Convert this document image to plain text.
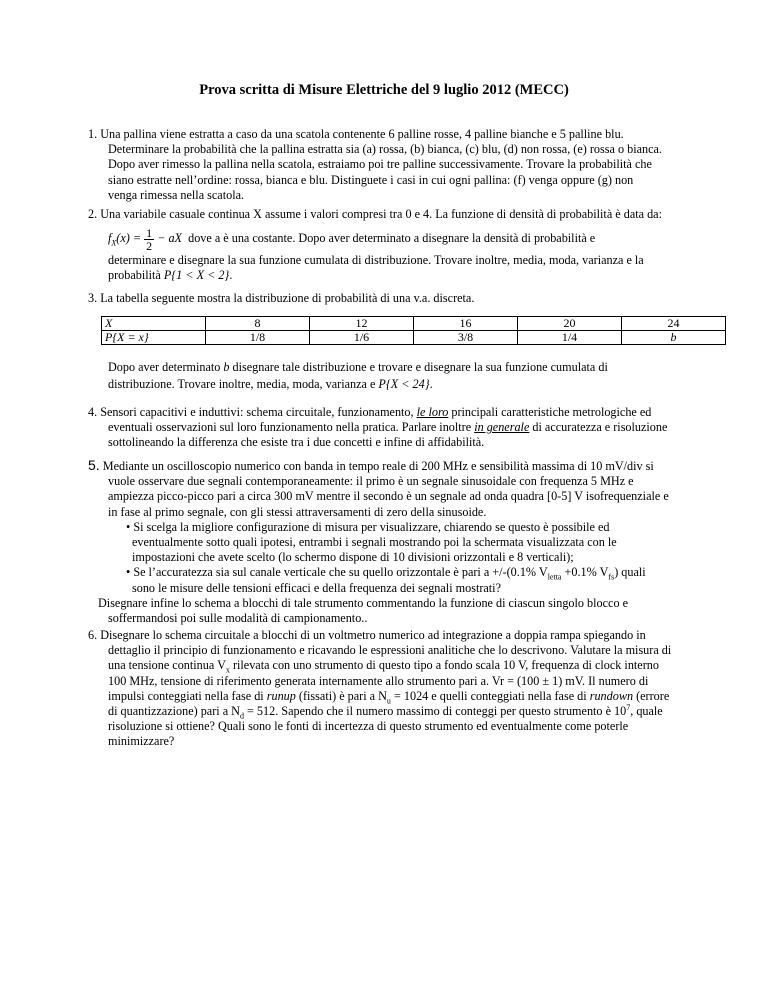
Prova scritta di Misure Elettriche del 9 luglio 2012 (MECC)
1. Una pallina viene estratta a caso da una scatola contenente 6 palline rosse, 4 palline bianche e 5 palline blu.
Determinare la probabilità che la pallina estratta sia (a) rossa, (b) bianca, (c) blu, (d) non rossa, (e) rossa o bianca.
Dopo aver rimesso la pallina nella scatola, estraiamo poi tre palline successivamente. Trovare la probabilità che
siano estratte nell’ordine: rossa, bianca e blu. Distinguete i casi in cui ogni pallina: (f) venga oppure (g) non
venga rimessa nella scatola.
2. Una variabile casuale continua X assume i valori compresi tra 0 e 4. La funzione di densità di probabilità è data da:
$f_X(x) = \frac{1}{2}$ − aX dove a è una costante. Dopo aver determinato a disegnare la densità di probabilità e
determinare e disegnare la sua funzione cumulata di distribuzione. Trovare inoltre, media, moda, varianza e la
probabilità P{1 < X < 2}.
3. La tabella seguente mostra la distribuzione di probabilità di una v.a. discreta.
X	8	12	16	20	24
P{X = x}	1/8	1/6	3/8	1/4	b
Dopo aver determinato b disegnare tale distribuzione e trovare e disegnare la sua funzione cumulata di
distribuzione. Trovare inoltre, media, moda, varianza e P{X < 24}.
4. Sensori capacitivi e induttivi: schema circuitale, funzionamento, le loro principali caratteristiche metrologiche ed
eventuali osservazioni sul loro funzionamento nella pratica. Parlare inoltre in generale di accuratezza e risoluzione
sottolineando la differenza che esiste tra i due concetti e infine di affidabilità.
5. Mediante un oscilloscopio numerico con banda in tempo reale di 200 MHz e sensibilità massima di 10 mV/div si
vuole osservare due segnali contemporaneamente: il primo è un segnale sinusoidale con frequenza 5 MHz e
ampiezza picco-picco pari a circa 300 mV mentre il secondo è un segnale ad onda quadra [0-5] V isofrequenziale e
in fase al primo segnale, con gli stessi attraversamenti di zero della sinusoide.
• Si scelga la migliore configurazione di misura per visualizzare, chiarendo se questo è possibile ed
eventualmente sotto quali ipotesi, entrambi i segnali mostrando poi la schermata visualizzata con le
impostazioni che avete scelto (lo schermo dispone di 10 divisioni orizzontali e 8 verticali);
• Se l’accuratezza sia sul canale verticale che su quello orizzontale è pari a +/-(0.1% $V_{letta} +0.1\%$ $V_{fs}$) quali
sono le misure delle tensioni efficaci e della frequenza dei segnali mostrati?
Disegnare infine lo schema a blocchi di tale strumento commentando la funzione di ciascun singolo blocco e
soffermandosi poi sulle modalità di campionamento..
6. Disegnare lo schema circuitale a blocchi di un voltmetro numerico ad integrazione a doppia rampa spiegando in
dettaglio il principio di funzionamento e ricavando le espressioni analitiche che lo descrivono. Valutare la misura di
una tensione continua $V_x$ rilevata con uno strumento di questo tipo a fondo scala 10 V, frequenza di clock interno
100 MHz, tensione di riferimento generata internamente allo strumento pari a. Vr = (100 ± 1) mV. Il numero di
impulsi conteggiati nella fase di runup (fissati) è pari a $N_u = 1024$ e quelli conteggiati nella fase di rundown (errore
di quantizzazione) pari a $N_d = 512$. Sapendo che il numero massimo di conteggi per questo strumento è $10^7$, quale
risoluzione si ottiene? Quali sono le fonti di incertezza di questo strumento ed eventualmente come poterle
minimizzare?
